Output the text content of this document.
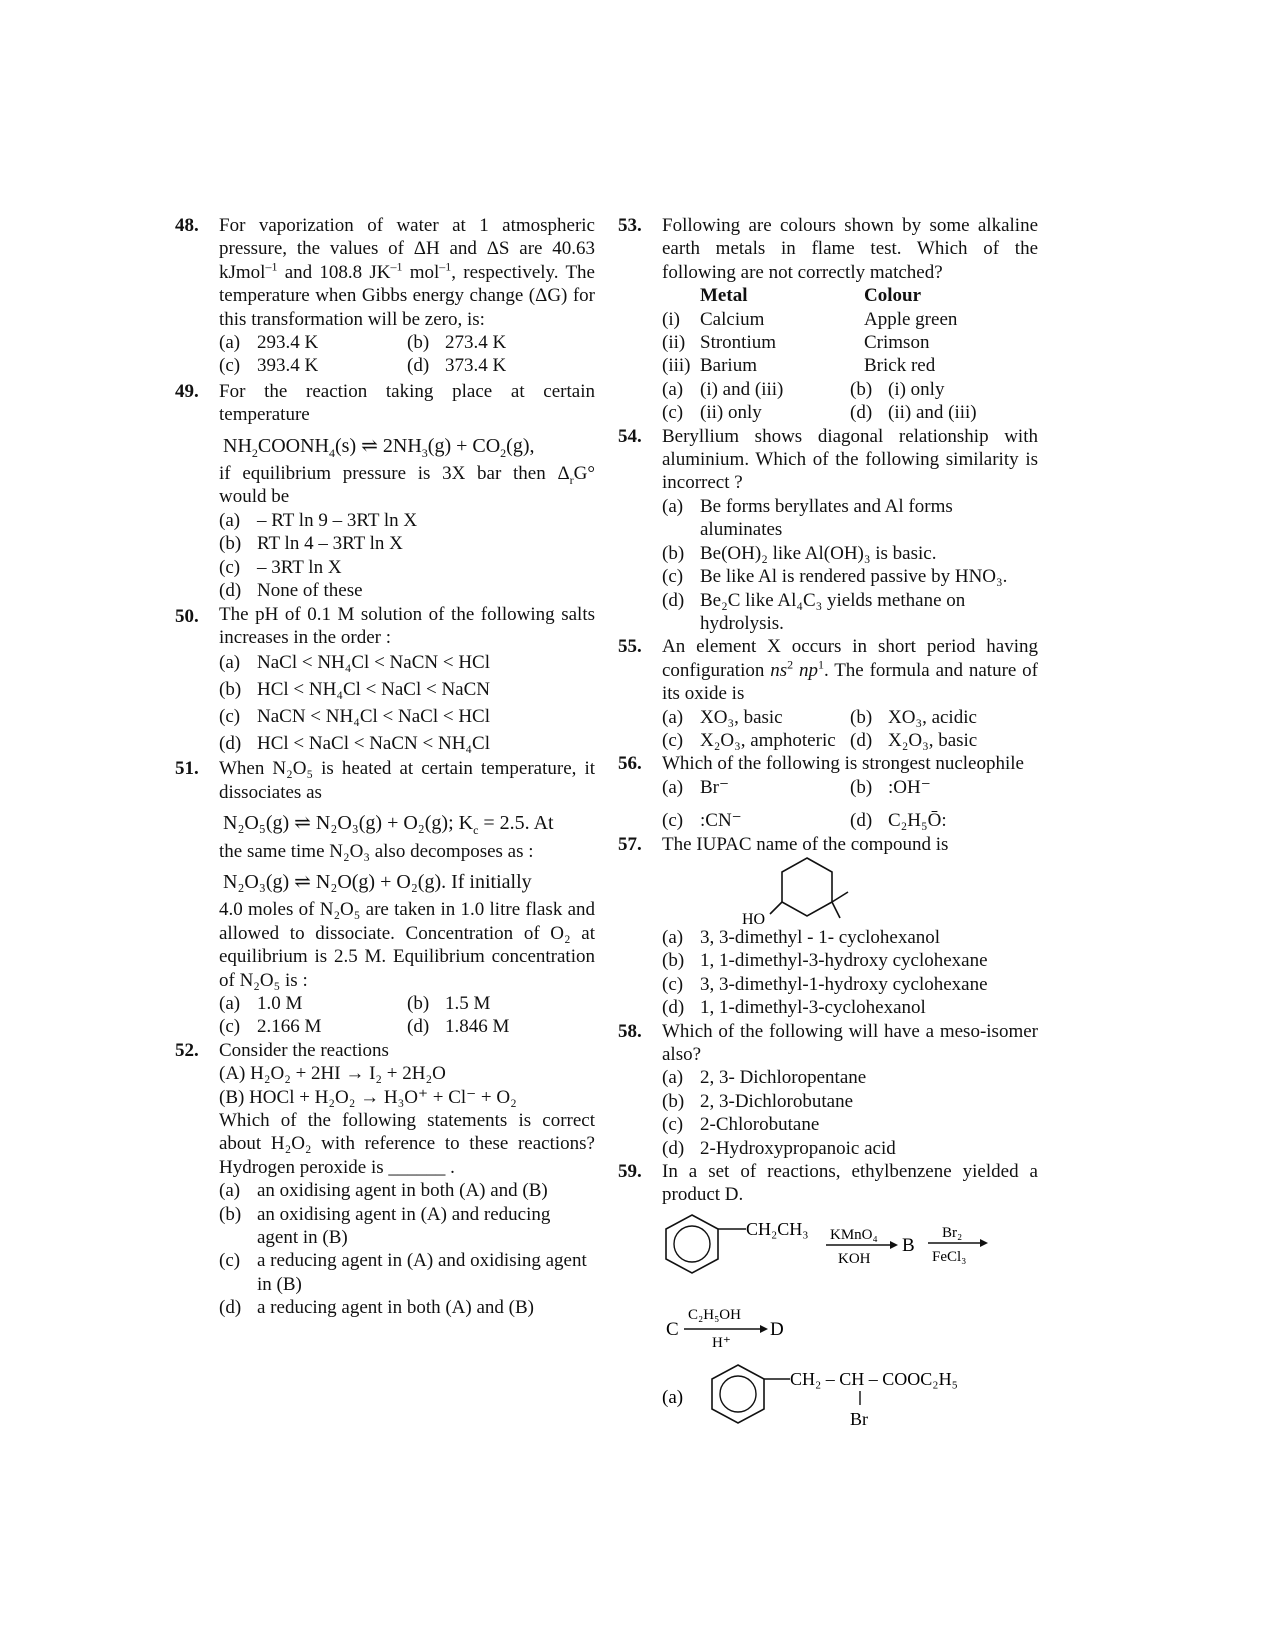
48. For vaporization of water at 1 atmospheric pressure, the values of ΔH and ΔS are 40.63 kJmol$^{-1}$ and 108.8 $JK^{-1}$ mol$^{-1}$, respectively. The temperature when Gibbs energy change (ΔG) for this transformation will be zero, is:
(a) 293.4 K	(b) 273.4 K
(c) 393.4 K	(d) 373.4 K
49. For the reaction taking place at certain temperature
$NH_2COONH_4(s)$ ⇌ $2NH_3(g) + CO_2(g)$,
if equilibrium pressure is 3X bar then $\Delta_rG^\circ$ would be
(a) – RT ln 9 – 3RT ln X
(b) RT ln 4 – 3RT ln X
(c) – 3RT ln X
(d) None of these
50. The pH of 0.1 M solution of the following salts increases in the order :
(a) NaCl < NH₄Cl < NaCN < HCl
(b) HCl < NH₄Cl < NaCl < NaCN
(c) NaCN < NH₄Cl < NaCl < HCl
(d) HCl < NaCl < NaCN < NH₄Cl
51. When N₂O₅ is heated at certain temperature, it dissociates as
N₂O₅(g) ⇌ N₂O₃(g) + O₂(g); $K_c = 2.5$. At
the same time N₂O₃ also decomposes as :
N₂O₃(g) ⇌ N₂O(g) + O₂(g). If initially
4.0 moles of N₂O₅ are taken in 1.0 litre flask and allowed to dissociate. Concentration of O₂ at equilibrium is 2.5 M. Equilibrium concentration of N₂O₅ is :
(a) 1.0 M	(b) 1.5 M
(c) 2.166 M	(d) 1.846 M
52. Consider the reactions
(A) H₂O₂ + 2HI → I₂ + 2H₂O
(B) HOCl + H₂O₂ → H₃O⁺ + Cl⁻ + O₂
Which of the following statements is correct about H₂O₂ with reference to these reactions? Hydrogen peroxide is ______ .
(a) an oxidising agent in both (A) and (B)
(b) an oxidising agent in (A) and reducing agent in (B)
(c) a reducing agent in (A) and oxidising agent in (B)
(d) a reducing agent in both (A) and (B)
53. Following are colours shown by some alkaline earth metals in flame test. Which of the following are not correctly matched?
Metal	Colour
(i)	Calcium	Apple green
(ii) Strontium	Crimson
(iii) Barium	Brick red
(a) (i) and (iii)	(b) (i) only
(c) (ii) only	(d) (ii) and (iii)
54. Beryllium shows diagonal relationship with aluminium. Which of the following similarity is incorrect ?
(a) Be forms beryllates and Al forms aluminates
(b) Be(OH)₂ like Al(OH)₃ is basic.
(c) Be like Al is rendered passive by HNO₃.
(d) Be₂C like Al₄C₃ yields methane on hydrolysis.
55. An element X occurs in short period having configuration $ns^2$ $np^1$. The formula and nature of its oxide is
(a) XO₃, basic	(b) XO₃, acidic
(c) X₂O₃, amphoteric (d) X₂O₃, basic
56. Which of the following is strongest nucleophile
(a) Br⁻	(b) :OH⁻
(c) :CN⁻	(d) C₂H₅Ō:
57. The IUPAC name of the compound is
HO
(a) 3, 3-dimethyl - 1- cyclohexanol
(b) 1, 1-dimethyl-3-hydroxy cyclohexane
(c) 3, 3-dimethyl-1-hydroxy cyclohexane
(d) 1, 1-dimethyl-3-cyclohexanol
58. Which of the following will have a meso-isomer also?
(a) 2, 3- Dichloropentane
(b) 2, 3-Dichlorobutane
(c) 2-Chlorobutane
(d) 2-Hydroxypropanoic acid
59. In a set of reactions, ethylbenzene yielded a product D.
CH₂CH₃ KMnO₄
KOH
B
Br₂
FeCl₃
C
C₂H₅OH
H⁺
D
(a)
CH₂ – CH – COOC₂H₅
Br
